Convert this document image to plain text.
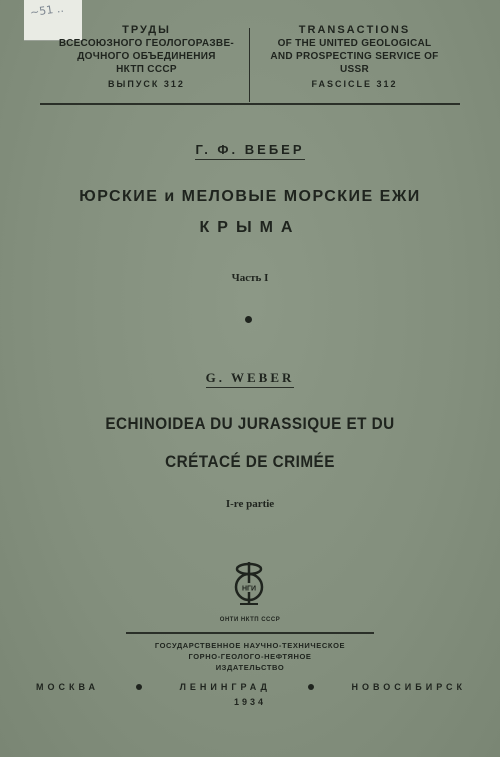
~51 ..
ТРУДЫ
ВСЕСОЮЗНОГО ГЕОЛОГОРАЗВЕ-
ДОЧНОГО ОБЪЕДИНЕНИЯ
НКТП СССР
ВЫПУСК 312
TRANSACTIONS
OF THE UNITED GEOLOGICAL
AND PROSPECTING SERVICE OF
USSR
FASCICLE 312
Г. Ф. ВЕБЕР
ЮРСКИЕ и МЕЛОВЫЕ МОРСКИЕ ЕЖИ
КРЫМА
Часть I
G. WEBER
ECHINOIDEA DU JURASSIQUE ET DU
CRÉTACÉ DE CRIMÉE
I-re partie
НГИ
ОНТИ НКТП СССР
ГОСУДАРСТВЕННОЕ НАУЧНО-ТЕХНИЧЕСКОЕ
ГОРНО-ГЕОЛОГО-НЕФТЯНОЕ
ИЗДАТЕЛЬСТВО
МОСКВА	ЛЕНИНГРАД	НОВОСИБИРСК
1934
